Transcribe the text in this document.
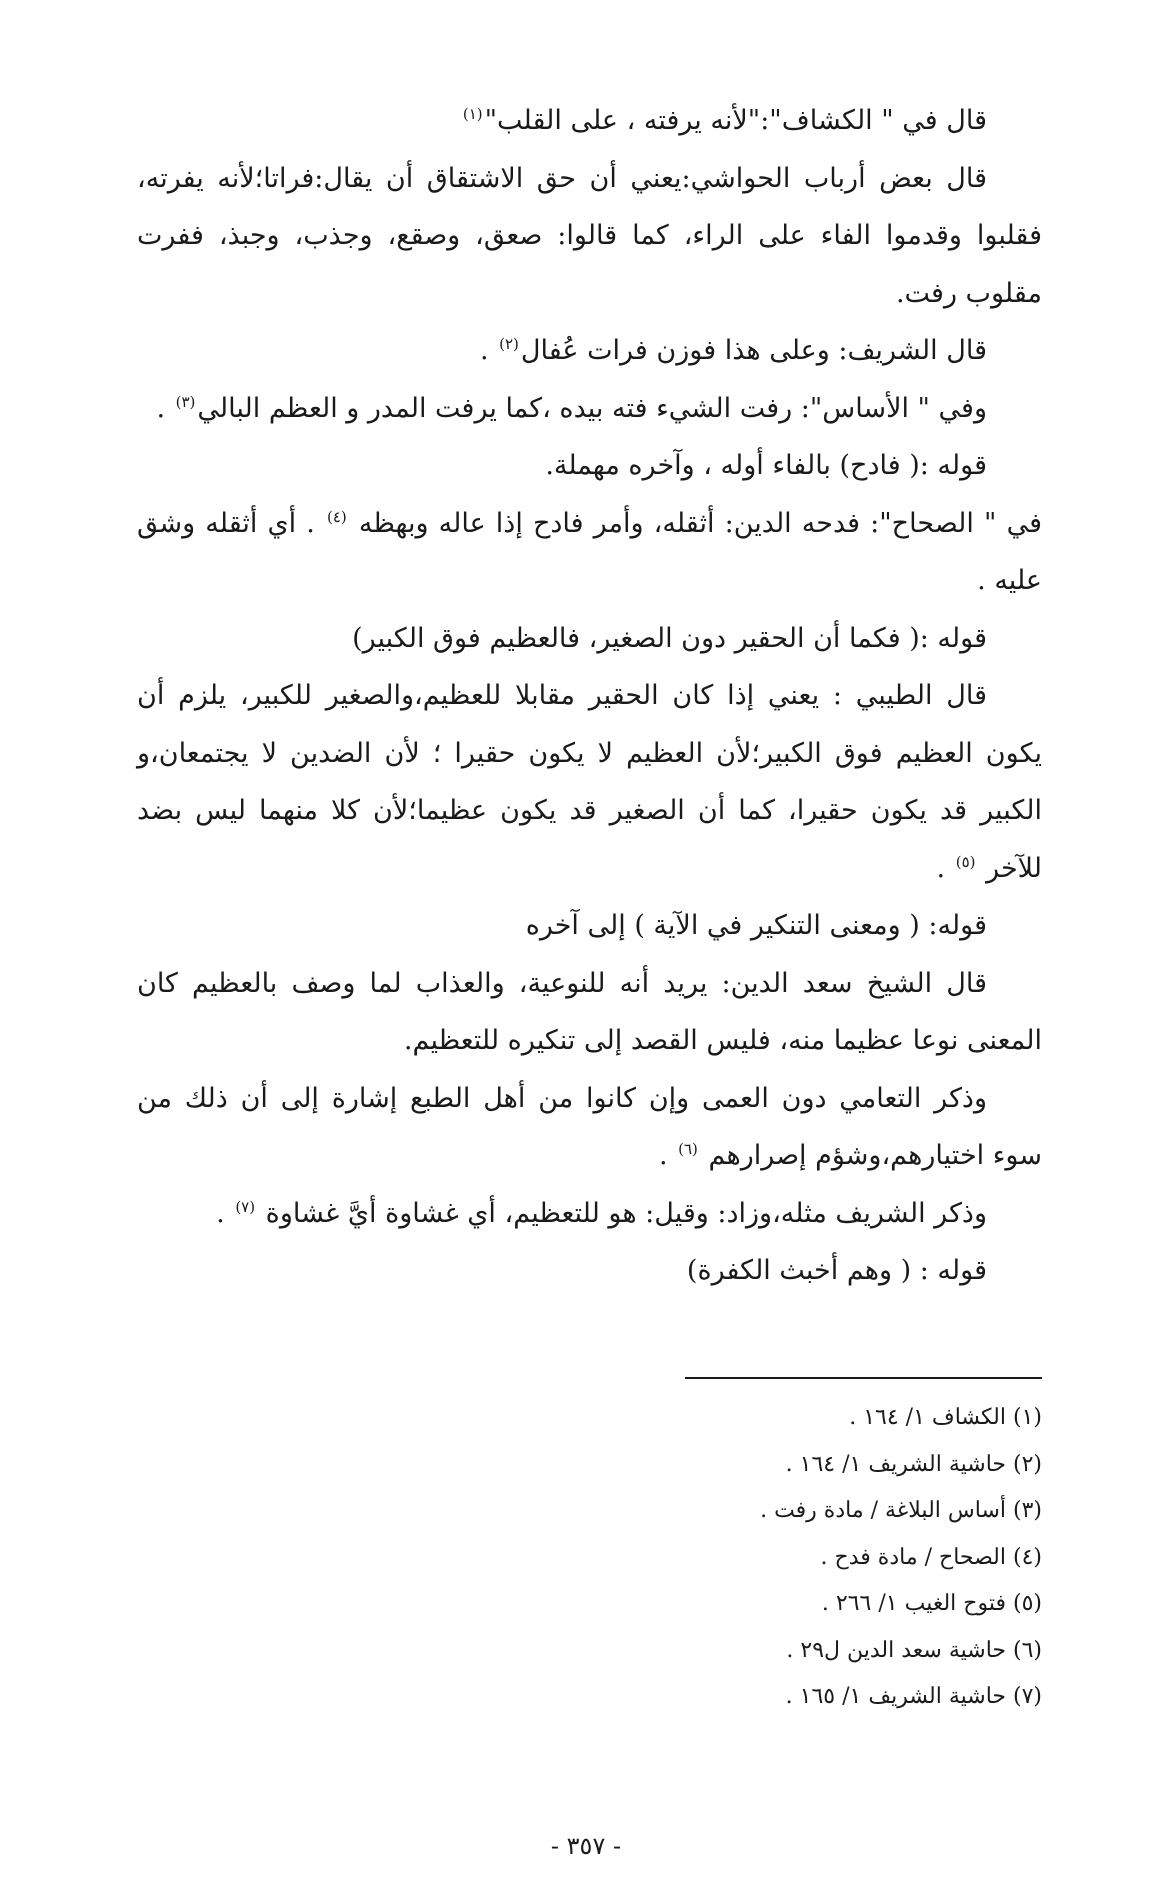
قال في " الكشاف":"لأنه يرفته ، على القلب"$^{(١)}$

قال بعض أرباب الحواشي:يعني أن حق الاشتقاق أن يقال:فراتا؛لأنه يفرته، فقلبوا وقدموا الفاء على الراء، كما قالوا: صعق، وصقع، وجذب، وجبذ، ففرت مقلوب رفت.

قال الشريف: وعلى هذا فوزن فرات عُفال$^{(٢)}$ .

وفي " الأساس": رفت الشيء فته بيده ،كما يرفت المدر و العظم البالي$^{(٣)}$ .

قوله :( فادح) بالفاء أوله ، وآخره مهملة.

في " الصحاح": فدحه الدين: أثقله، وأمر فادح إذا عاله وبهظه $^{(٤)}$ . أي أثقله وشق عليه .

قوله :( فكما أن الحقير دون الصغير، فالعظيم فوق الكبير)

قال الطيبي : يعني إذا كان الحقير مقابلا للعظيم،والصغير للكبير، يلزم أن يكون العظيم فوق الكبير؛لأن العظيم لا يكون حقيرا ؛ لأن الضدين لا يجتمعان،و الكبير قد يكون حقيرا، كما أن الصغير قد يكون عظيما؛لأن كلا منهما ليس بضد للآخر $^{(٥)}$ .

قوله: ( ومعنى التنكير في الآية ) إلى آخره

قال الشيخ سعد الدين: يريد أنه للنوعية، والعذاب لما وصف بالعظيم كان المعنى نوعا عظيما منه، فليس القصد إلى تنكيره للتعظيم.

وذكر التعامي دون العمى وإن كانوا من أهل الطبع إشارة إلى أن ذلك من سوء اختيارهم،وشؤم إصرارهم $^{(٦)}$ .

وذكر الشريف مثله،وزاد: وقيل: هو للتعظيم، أي غشاوة أيَّ غشاوة $^{(٧)}$ .

قوله : ( وهم أخبث الكفرة)

(١) الكشاف ١/ ١٦٤ .
(٢) حاشية الشريف ١/ ١٦٤ .
(٣) أساس البلاغة / مادة رفت .
(٤) الصحاح / مادة فدح .
(٥) فتوح الغيب ١/ ٢٦٦ .
(٦) حاشية سعد الدين ل٢٩ .
(٧) حاشية الشريف ١/ ١٦٥ .
- ٣٥٧ -
